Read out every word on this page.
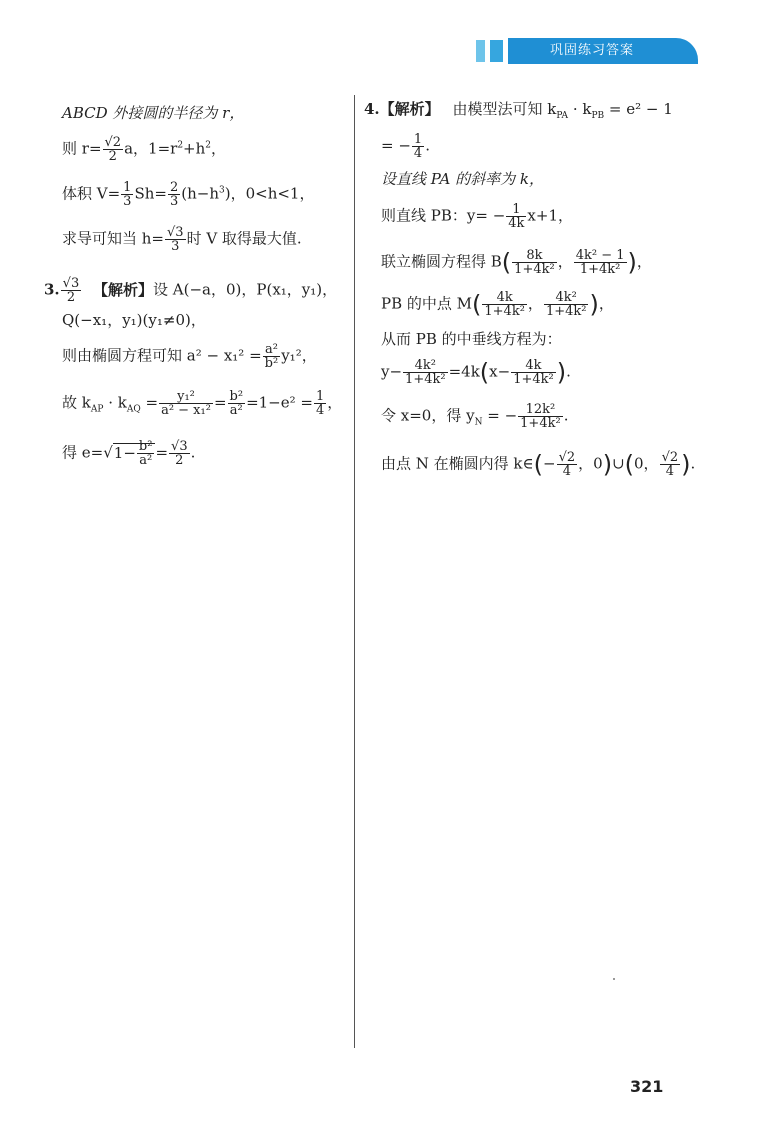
巩固练习答案
ABCD 外接圆的半径为 r，
则 $r= \frac{√2}{2}$ a，$1=r^2+h^2$，
体积 $V= \frac{1}{3} Sh= \frac{2}{3} (h-h^3)$，0<h<1，
求导可知当 $h= \frac{√3}{3}$ 时 V 取得最大值.
3. $\frac{√3}{2}$ 【解析】设 A(−a，0)，P(x₁，y₁)，
Q(−x₁，y₁)(y₁≠0)，
则由椭圆方程可知 $a^2 - x_1^2 = \frac{\text{a²}}{\text{b²}} y_1^2$，
故 $k_{AP} \cdot k_{AQ} = \frac{\text{y₁²}}{\text{a² − x₁²}} = \frac{\text{b²}}{\text{a²}} =1-e^2 = \frac{1}{4}$ ，
得 $e=√1- \frac{\text{b²}}{\text{a²}} = \frac{√3}{2}$ .
4.【解析】 由模型法可知 $k_{PA} \cdot k_{PB} = e^2 - 1$
= − $\frac{1}{4}$ .
设直线 PA 的斜率为 k，
则直线 PB：$y= - \frac{1}{4k} x+1$，
联立椭圆方程得 $B( \frac{8k}{\text{1+4k²}}$ ， $\frac{\text{4k² − 1}}{\text{1+4k²}}$ )，
PB 的中点 $M( \frac{4k}{\text{1+4k²}}$ ， $\frac{\text{4k²}}{\text{1+4k²}}$ )，
从而 PB 的中垂线方程为：
$y- \frac{\text{4k²}}{\text{1+4k²}} =4k(x- \frac{4k}{\text{1+4k²}}$ ).
令 x=0，得 $y_N$ = − $\frac{\text{12k²}}{\text{1+4k²}}$ .
由点 N 在椭圆内得 k∈(− $\frac{√2}{4}$ ，0)∪(0， $\frac{√2}{4}$ ).
321
